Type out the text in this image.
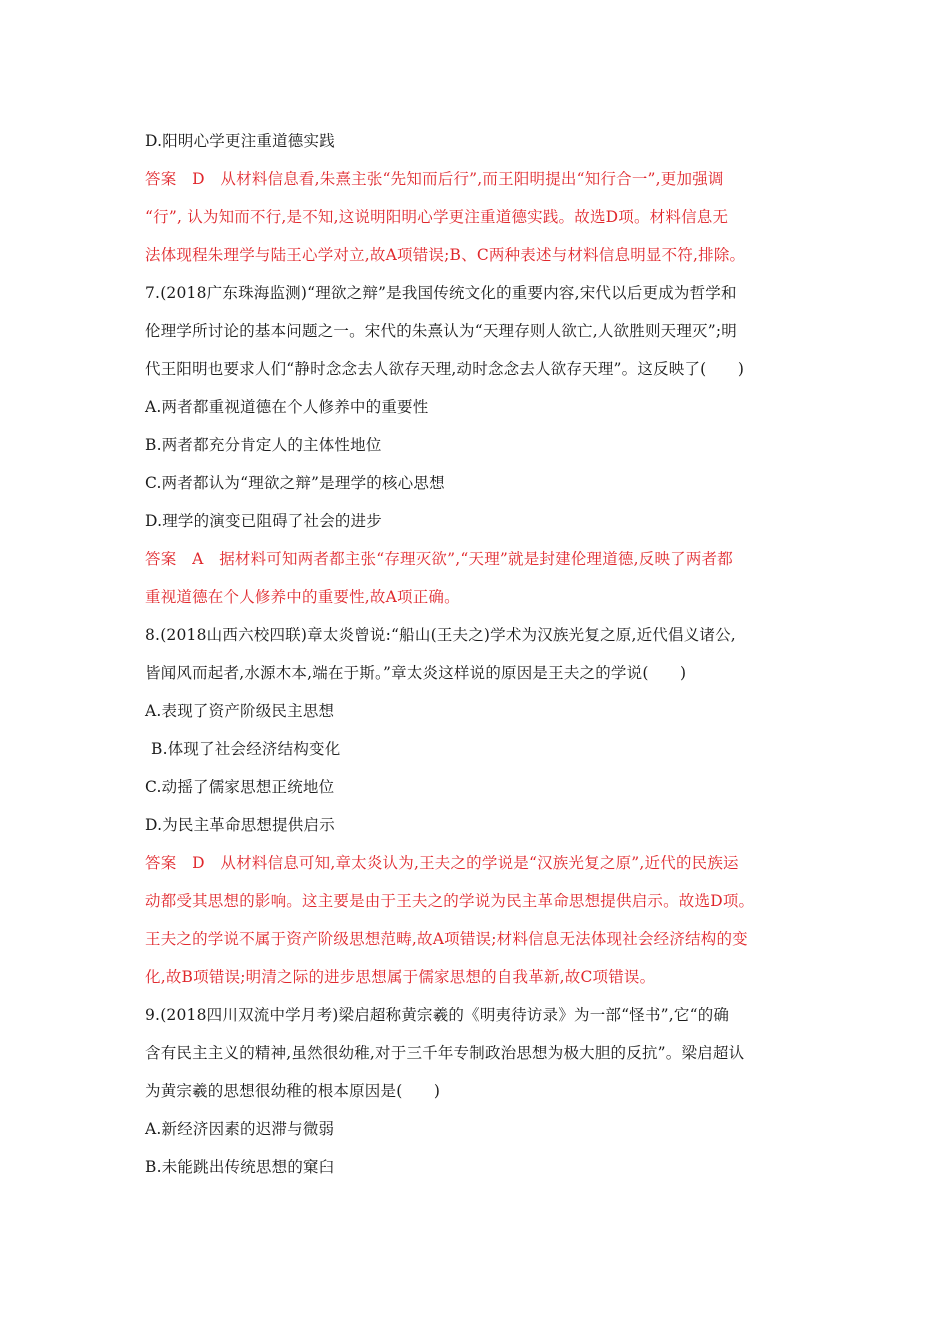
D.阳明心学更注重道德实践
答案　D　从材料信息看,朱熹主张“先知而后行”,而王阳明提出“知行合一”,更加强调
“行”, 认为知而不行,是不知,这说明阳明心学更注重道德实践。故选D项。材料信息无
法体现程朱理学与陆王心学对立,故A项错误;B、C两种表述与材料信息明显不符,排除。
7.(2018广东珠海监测)“理欲之辩”是我国传统文化的重要内容,宋代以后更成为哲学和
伦理学所讨论的基本问题之一。宋代的朱熹认为“天理存则人欲亡,人欲胜则天理灭”;明
代王阳明也要求人们“静时念念去人欲存天理,动时念念去人欲存天理”。这反映了(　　)
A.两者都重视道德在个人修养中的重要性
B.两者都充分肯定人的主体性地位
C.两者都认为“理欲之辩”是理学的核心思想
D.理学的演变已阻碍了社会的进步
答案　A　据材料可知两者都主张“存理灭欲”,“天理”就是封建伦理道德,反映了两者都
重视道德在个人修养中的重要性,故A项正确。
8.(2018山西六校四联)章太炎曾说:“船山(王夫之)学术为汉族光复之原,近代倡义诸公,
皆闻风而起者,水源木本,端在于斯。”章太炎这样说的原因是王夫之的学说(　　)
A.表现了资产阶级民主思想
B.体现了社会经济结构变化
C.动摇了儒家思想正统地位
D.为民主革命思想提供启示
答案　D　从材料信息可知,章太炎认为,王夫之的学说是“汉族光复之原”,近代的民族运
动都受其思想的影响。这主要是由于王夫之的学说为民主革命思想提供启示。故选D项。
王夫之的学说不属于资产阶级思想范畴,故A项错误;材料信息无法体现社会经济结构的变
化,故B项错误;明清之际的进步思想属于儒家思想的自我革新,故C项错误。
9.(2018四川双流中学月考)梁启超称黄宗羲的《明夷待访录》为一部“怪书”,它“的确
含有民主主义的精神,虽然很幼稚,对于三千年专制政治思想为极大胆的反抗”。梁启超认
为黄宗羲的思想很幼稚的根本原因是(　　)
A.新经济因素的迟滞与微弱
B.未能跳出传统思想的窠臼
